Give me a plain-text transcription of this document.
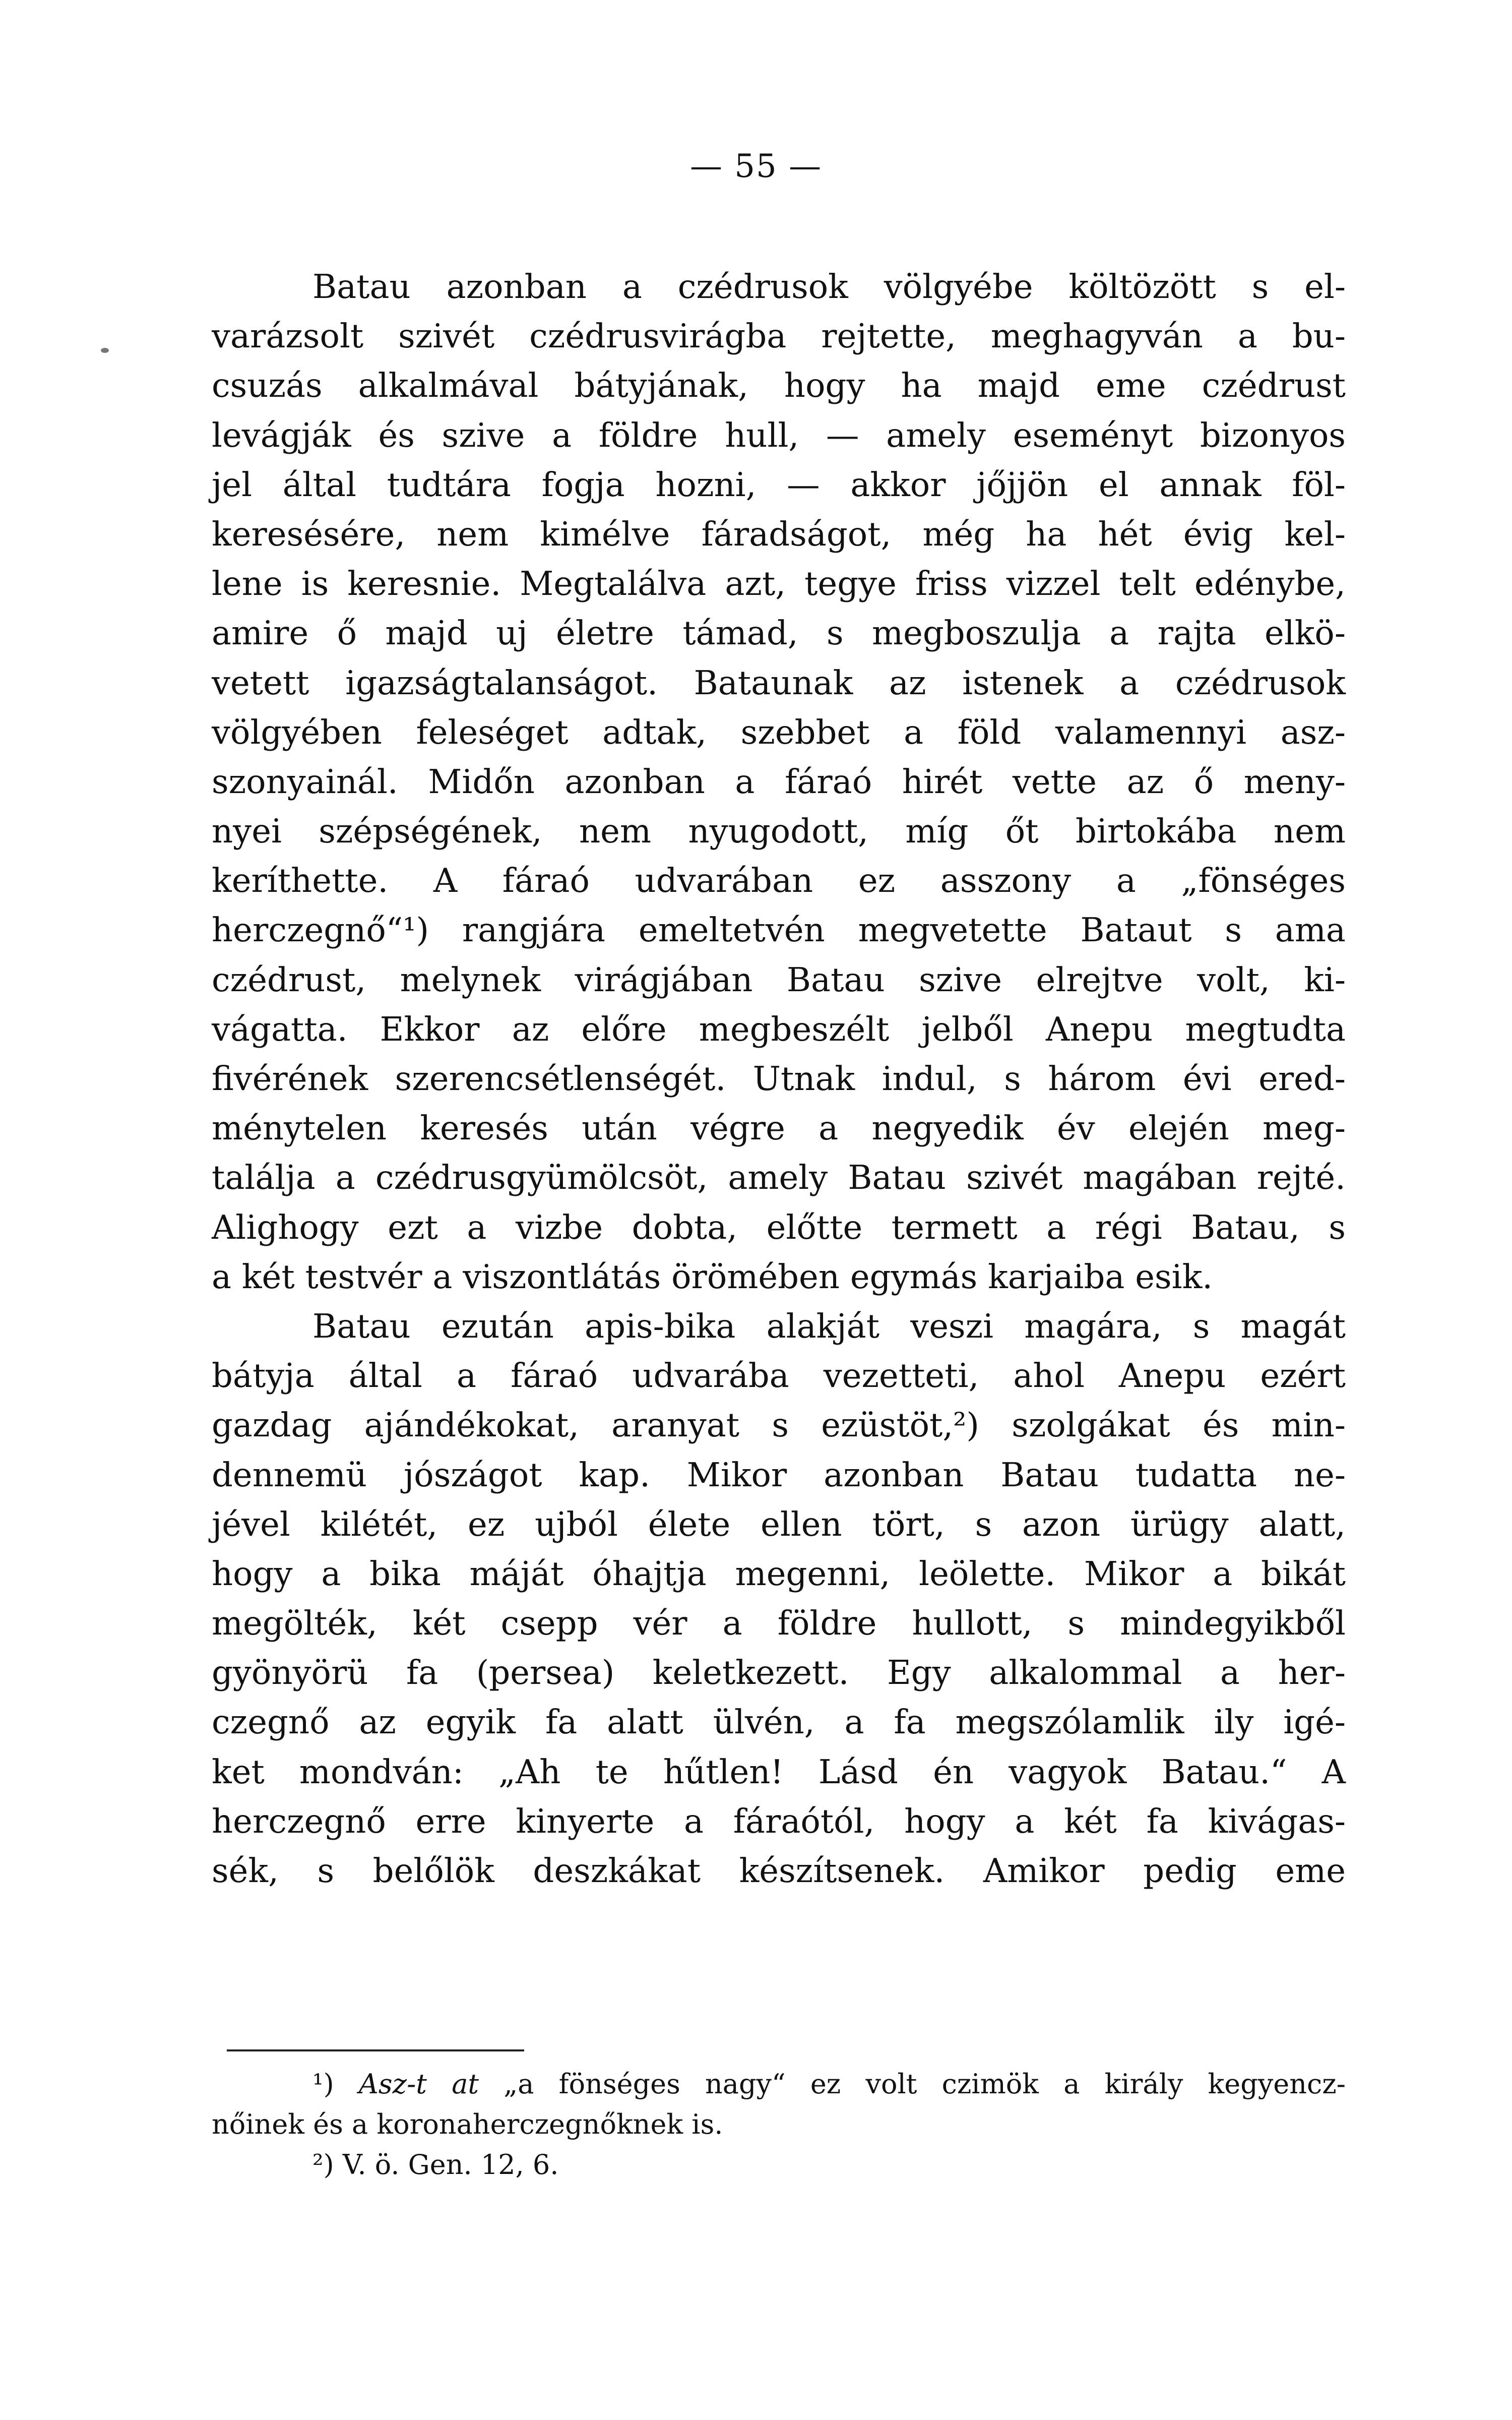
— 55 —
Batau azonban a czédrusok völgyébe költözött s el-
varázsolt szivét czédrusvirágba rejtette, meghagyván a bu-
csuzás alkalmával bátyjának, hogy ha majd eme czédrust
levágják és szive a földre hull, — amely eseményt bizonyos
jel által tudtára fogja hozni, — akkor jőjjön el annak föl-
keresésére, nem kimélve fáradságot, még ha hét évig kel-
lene is keresnie. Megtalálva azt, tegye friss vizzel telt edénybe,
amire ő majd uj életre támad, s megboszulja a rajta elkö-
vetett igazságtalanságot. Bataunak az istenek a czédrusok
völgyében feleséget adtak, szebbet a föld valamennyi asz-
szonyainál. Midőn azonban a fáraó hirét vette az ő meny-
nyei szépségének, nem nyugodott, míg őt birtokába nem
keríthette. A fáraó udvarában ez asszony a „fönséges
herczegnő“¹) rangjára emeltetvén megvetette Bataut s ama
czédrust, melynek virágjában Batau szive elrejtve volt, ki-
vágatta. Ekkor az előre megbeszélt jelből Anepu megtudta
fivérének szerencsétlenségét. Utnak indul, s három évi ered-
ménytelen keresés után végre a negyedik év elején meg-
találja a czédrusgyümölcsöt, amely Batau szivét magában rejté.
Alighogy ezt a vizbe dobta, előtte termett a régi Batau, s
a két testvér a viszontlátás örömében egymás karjaiba esik.
Batau ezután apis-bika alakját veszi magára, s magát
bátyja által a fáraó udvarába vezetteti, ahol Anepu ezért
gazdag ajándékokat, aranyat s ezüstöt,²) szolgákat és min-
dennemü jószágot kap. Mikor azonban Batau tudatta ne-
jével kilétét, ez ujból élete ellen tört, s azon ürügy alatt,
hogy a bika máját óhajtja megenni, leölette. Mikor a bikát
megölték, két csepp vér a földre hullott, s mindegyikből
gyönyörü fa (persea) keletkezett. Egy alkalommal a her-
czegnő az egyik fa alatt ülvén, a fa megszólamlik ily igé-
ket mondván: „Ah te hűtlen! Lásd én vagyok Batau.“ A
herczegnő erre kinyerte a fáraótól, hogy a két fa kivágas-
sék, s belőlök deszkákat készítsenek. Amikor pedig eme
¹) Asz-t at „a fönséges nagy“ ez volt czimök a király kegyencz-
nőinek és a koronaherczegnőknek is.
²) V. ö. Gen. 12, 6.
